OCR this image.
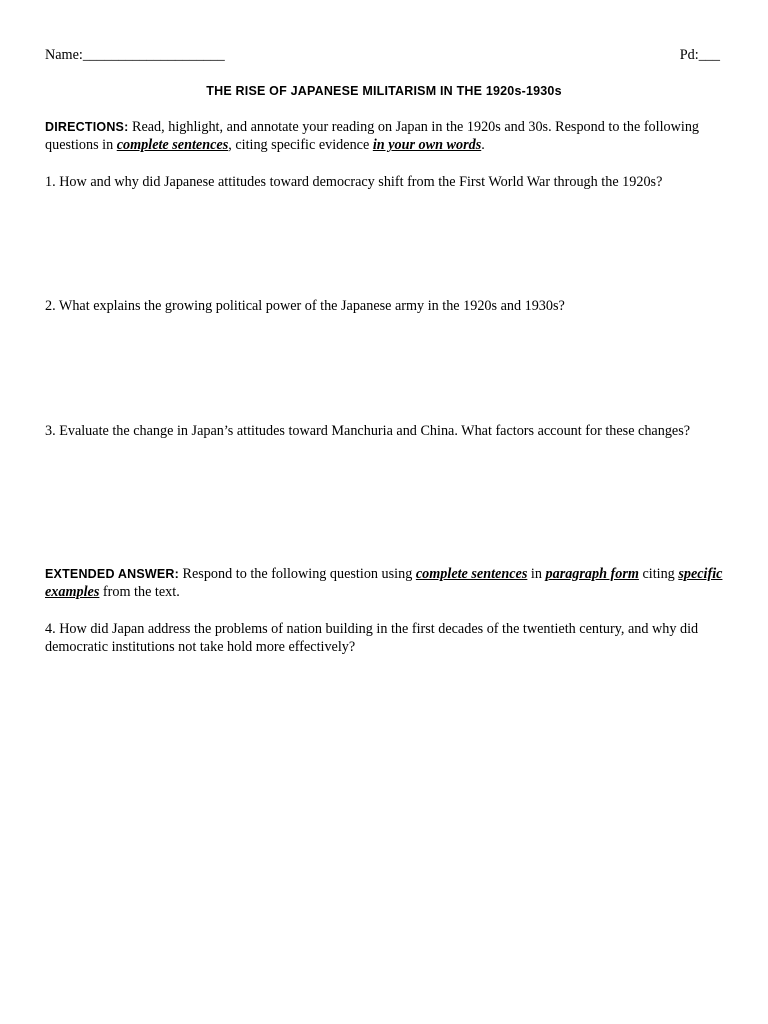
Name:____________________	Pd:___
THE RISE OF JAPANESE MILITARISM IN THE 1920s-1930s
DIRECTIONS: Read, highlight, and annotate your reading on Japan in the 1920s and 30s. Respond to the following questions in complete sentences, citing specific evidence in your own words.
1. How and why did Japanese attitudes toward democracy shift from the First World War through the 1920s?
2. What explains the growing political power of the Japanese army in the 1920s and 1930s?
3. Evaluate the change in Japan’s attitudes toward Manchuria and China. What factors account for these changes?
EXTENDED ANSWER: Respond to the following question using complete sentences in paragraph form citing specific examples from the text.
4. How did Japan address the problems of nation building in the first decades of the twentieth century, and why did democratic institutions not take hold more effectively?
